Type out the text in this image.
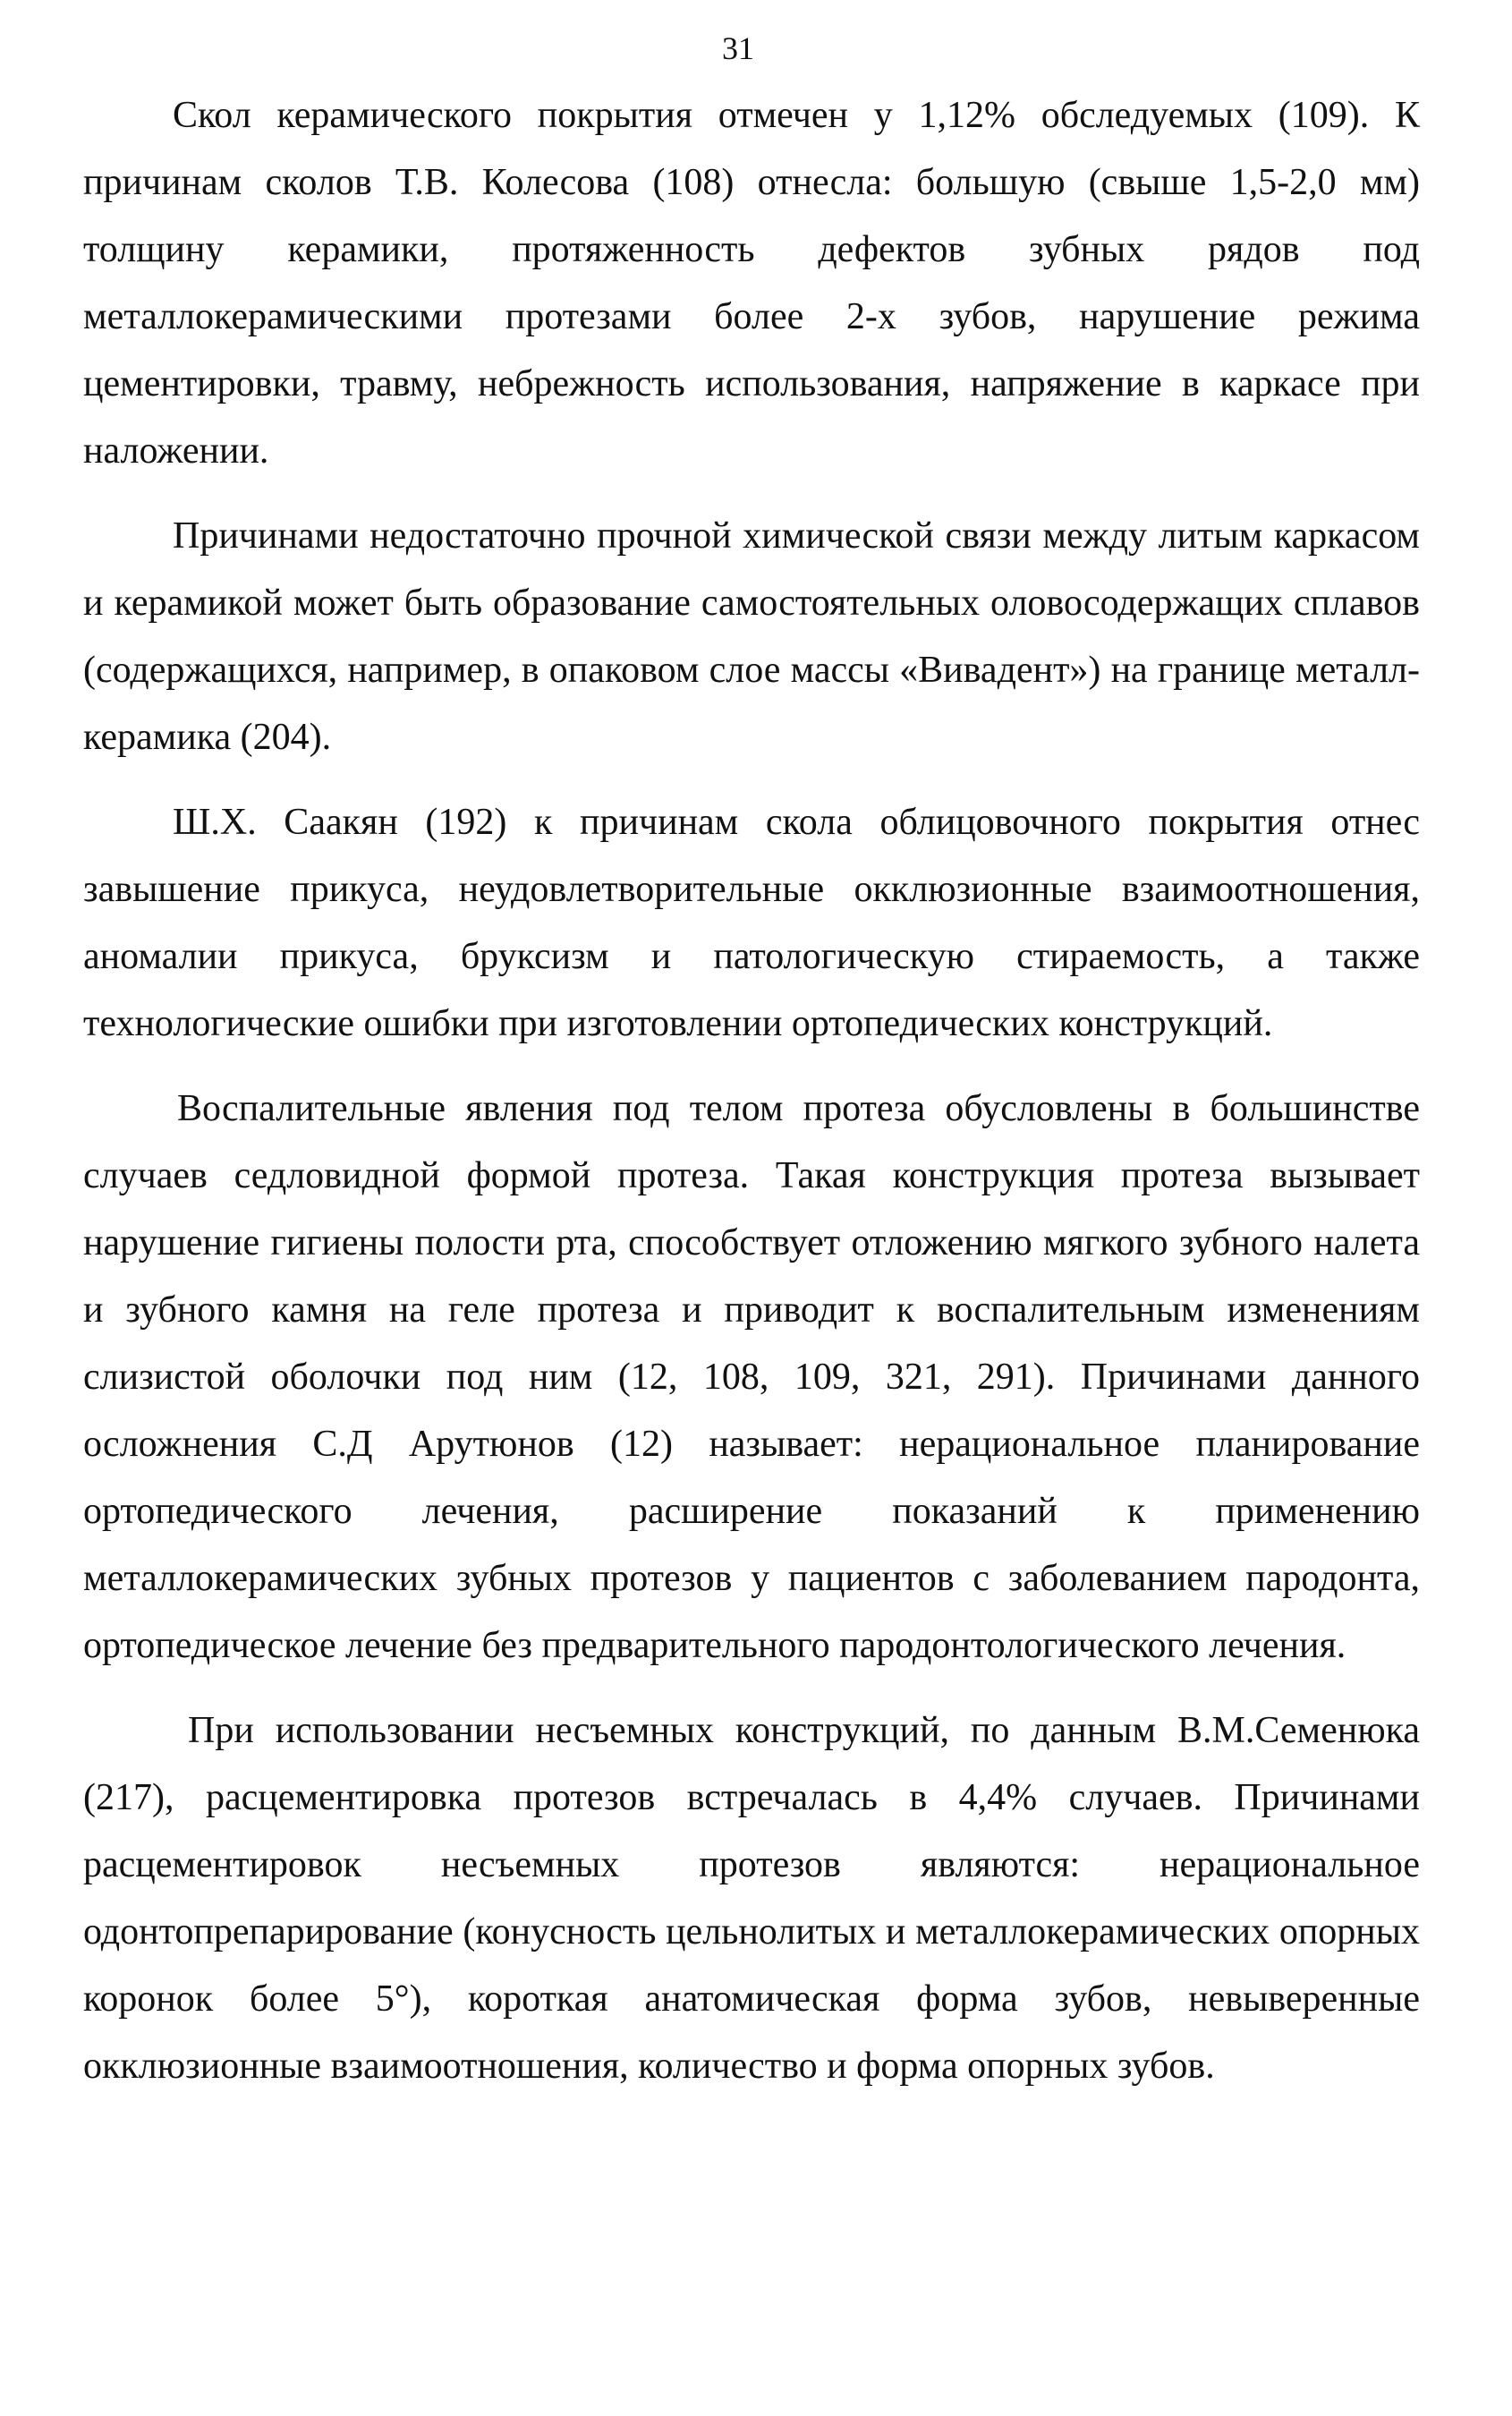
31

Скол керамического покрытия отмечен у 1,12% обследуемых (109). К причинам сколов Т.В. Колесова (108) отнесла: большую (свыше 1,5-2,0 мм) толщину керамики, протяженность дефектов зубных рядов под металлокерамическими протезами более 2-х зубов, нарушение режима цементировки, травму, небрежность использования, напряжение в каркасе при наложении.

Причинами недостаточно прочной химической связи между литым каркасом и керамикой может быть образование самостоятельных оловосодержащих сплавов (содержащихся, например, в опаковом слое массы «Вивадент») на границе металл-керамика (204).

Ш.Х. Саакян (192) к причинам скола облицовочного покрытия отнес завышение прикуса, неудовлетворительные окклюзионные взаимоотношения, аномалии прикуса, бруксизм и патологическую стираемость, а также технологические ошибки при изготовлении ортопедических конструкций.

Воспалительные явления под телом протеза обусловлены в большинстве случаев седловидной формой протеза. Такая конструкция протеза вызывает нарушение гигиены полости рта, способствует отложению мягкого зубного налета и зубного камня на геле протеза и приводит к воспалительным изменениям слизистой оболочки под ним (12, 108, 109, 321, 291). Причинами данного осложнения С.Д Арутюнов (12) называет: нерациональное планирование ортопедического лечения, расширение показаний к применению металлокерамических зубных протезов у пациентов с заболеванием пародонта, ортопедическое лечение без предварительного пародонтологического лечения.

При использовании несъемных конструкций, по данным В.М.Семенюка (217), расцементировка протезов встречалась в 4,4% случаев. Причинами расцементировок несъемных протезов являются: нерациональное одонтопрепарирование (конусность цельнолитых и металлокерамических опорных коронок более 5°), короткая анатомическая форма зубов, невыверенные окклюзионные взаимоотношения, количество и форма опорных зубов.
